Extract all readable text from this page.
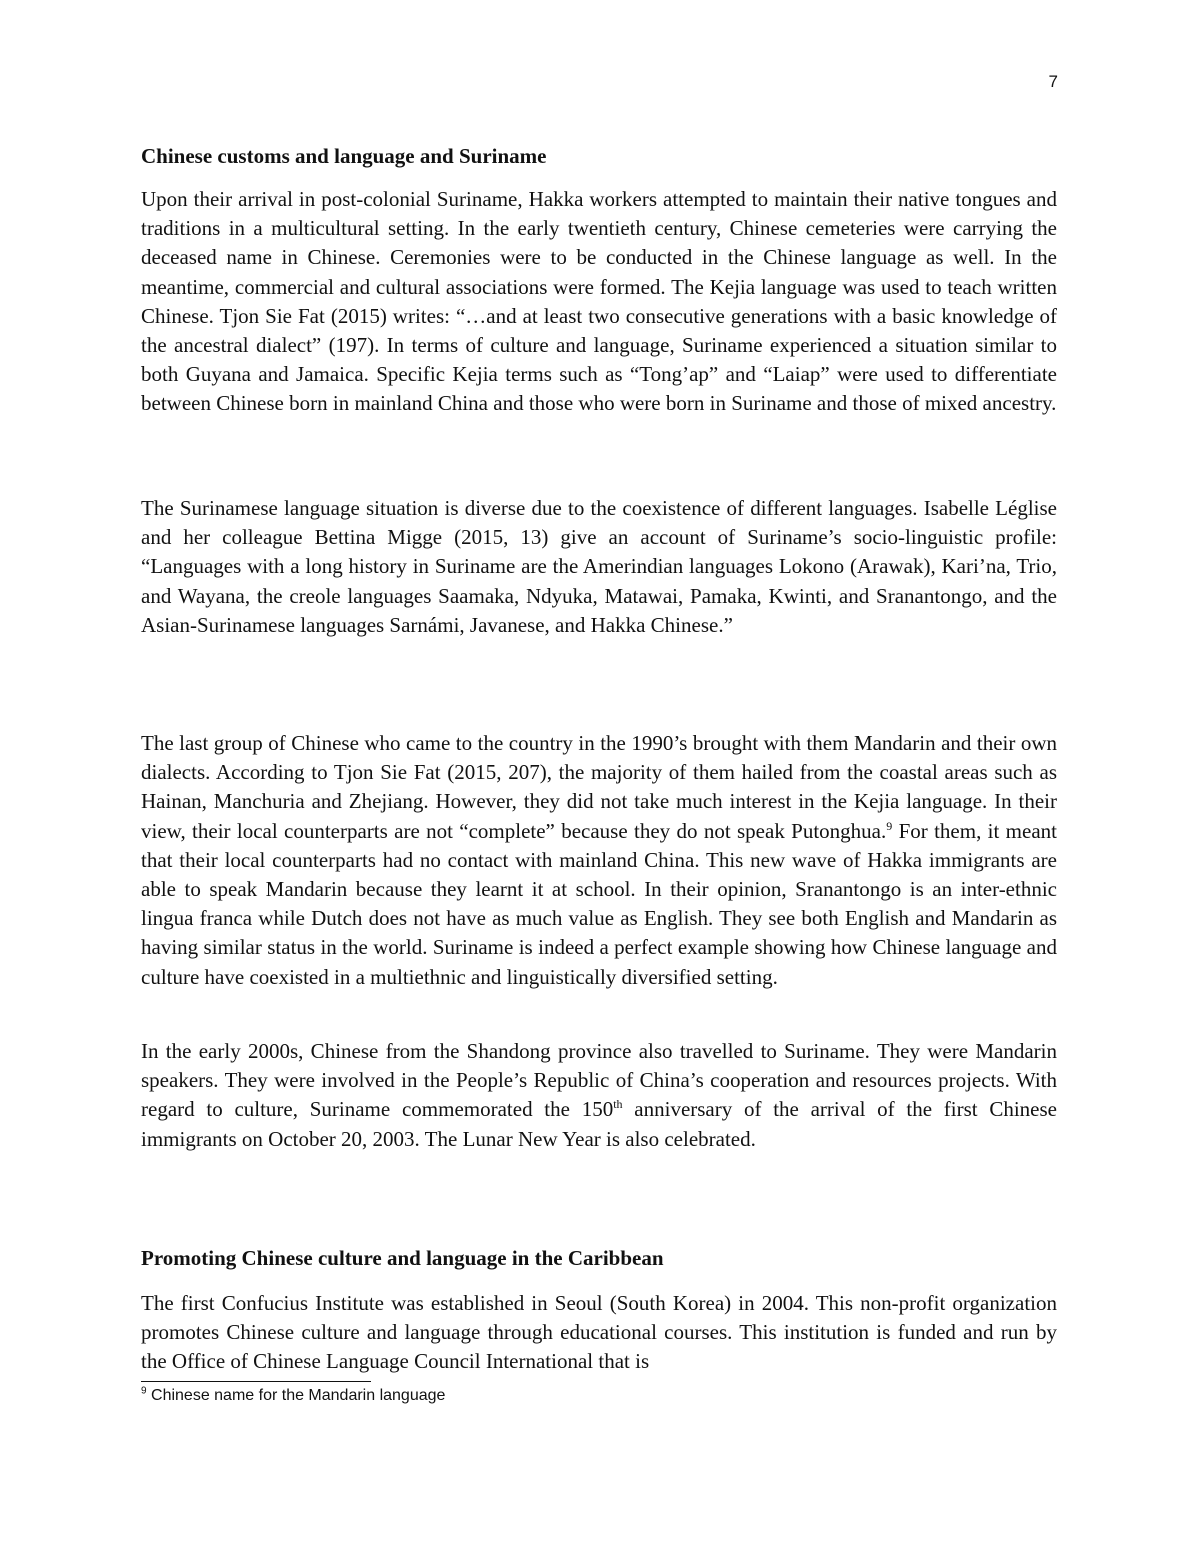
7
Chinese customs and language and Suriname

Upon their arrival in post-colonial Suriname, Hakka workers attempted to maintain their native tongues and traditions in a multicultural setting. In the early twentieth century, Chinese cemeteries were carrying the deceased name in Chinese. Ceremonies were to be conducted in the Chinese language as well. In the meantime, commercial and cultural associations were formed. The Kejia language was used to teach written Chinese. Tjon Sie Fat (2015) writes: “…and at least two consecutive generations with a basic knowledge of the ancestral dialect” (197). In terms of culture and language, Suriname experienced a situation similar to both Guyana and Jamaica. Specific Kejia terms such as “Tong’ap” and “Laiap” were used to differentiate between Chinese born in mainland China and those who were born in Suriname and those of mixed ancestry.

The Surinamese language situation is diverse due to the coexistence of different languages. Isabelle Léglise and her colleague Bettina Migge (2015, 13) give an account of Suriname’s socio-linguistic profile: “Languages with a long history in Suriname are the Amerindian languages Lokono (Arawak), Kari’na, Trio, and Wayana, the creole languages Saamaka, Ndyuka, Matawai, Pamaka, Kwinti, and Sranantongo, and the Asian-Surinamese languages Sarnámi, Javanese, and Hakka Chinese.”

The last group of Chinese who came to the country in the 1990’s brought with them Mandarin and their own dialects. According to Tjon Sie Fat (2015, 207), the majority of them hailed from the coastal areas such as Hainan, Manchuria and Zhejiang. However, they did not take much interest in the Kejia language. In their view, their local counterparts are not “complete” because they do not speak Putonghua.$^9$ For them, it meant that their local counterparts had no contact with mainland China. This new wave of Hakka immigrants are able to speak Mandarin because they learnt it at school. In their opinion, Sranantongo is an inter-ethnic lingua franca while Dutch does not have as much value as English. They see both English and Mandarin as having similar status in the world. Suriname is indeed a perfect example showing how Chinese language and culture have coexisted in a multiethnic and linguistically diversified setting.

In the early 2000s, Chinese from the Shandong province also travelled to Suriname. They were Mandarin speakers. They were involved in the People’s Republic of China’s cooperation and resources projects. With regard to culture, Suriname commemorated the 150th anniversary of the arrival of the first Chinese immigrants on October 20, 2003. The Lunar New Year is also celebrated.

Promoting Chinese culture and language in the Caribbean

The first Confucius Institute was established in Seoul (South Korea) in 2004. This non-profit organization promotes Chinese culture and language through educational courses. This institution is funded and run by the Office of Chinese Language Council International that is

$^9$ Chinese name for the Mandarin language
